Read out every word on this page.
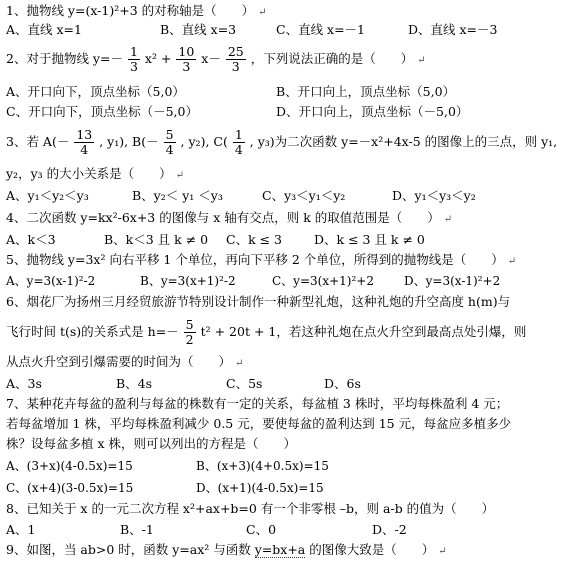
1、抛物线 y=(x-1)²+3 的对称轴是（　　） ↵
A、直线 x=1	B、直线 x=3	C、直线 x=－1	D、直线 x=－3
2、对于抛物线 $y=- \frac{1}{3} x^2 + \frac{10}{3} x- \frac{25}{3}$ ，下列说法正确的是（　　） ↵
A、开口向下，顶点坐标（5,0）	B、开口向上，顶点坐标（5,0）
C、开口向下，顶点坐标（－5,0）	D、开口向上，顶点坐标（－5,0）
3、若 $A(- \frac{13}{4}$ , y₁), $B(- \frac{5}{4}$ , y₂), $C( \frac{1}{4}$ , y₃)为二次函数 y=－x²+4x-5 的图像上的三点，则 y₁,
y₂，y₃ 的大小关系是（　　） ↵
A、y₁＜y₂＜y₃	B、y₂＜ y₁ ＜y₃	C、y₃＜y₁＜y₂	D、y₁＜y₃＜y₂
4、二次函数 y=kx²-6x+3 的图像与 x 轴有交点，则 k 的取值范围是（　　） ↵
A、k＜3	B、k＜3 且 k ≠ 0 C、k ≤ 3	D、k ≤ 3 且 k ≠ 0
5、抛物线 y=3x² 向右平移 1 个单位，再向下平移 2 个单位，所得到的抛物线是（　　） ↵
A、y=3(x-1)²-2	B、y=3(x+1)²-2	C、y=3(x+1)²+2	D、y=3(x-1)²+2
6、烟花厂为扬州三月经贸旅游节特别设计制作一种新型礼炮，这种礼炮的升空高度 h(m)与
飞行时间 t(s)的关系式是 $h=- \frac{5}{2} t^2 + 20t + 1$，若这种礼炮在点火升空到最高点处引爆，则
从点火升空到引爆需要的时间为（　　） ↵
A、3s	B、4s	C、5s	D、6s
7、某种花卉每盆的盈利与每盆的株数有一定的关系，每盆植 3 株时，平均每株盈利 4 元；
若每盆增加 1 株，平均每株盈利减少 0.5 元，要使每盆的盈利达到 15 元，每盆应多植多少
株？设每盆多植 x 株，则可以列出的方程是（　　）
A、(3+x)(4-0.5x)=15	B、(x+3)(4+0.5x)=15
C、(x+4)(3-0.5x)=15	D、(x+1)(4-0.5x)=15
8、已知关于 x 的一元二次方程 x²+ax+b=0 有一个非零根 –b，则 a-b 的值为（　　）
A、1	B、-1	C、0	D、-2
9、如图，当 ab>0 时，函数 y=ax² 与函数 y=bx+a 的图像大致是（　　） ↵
